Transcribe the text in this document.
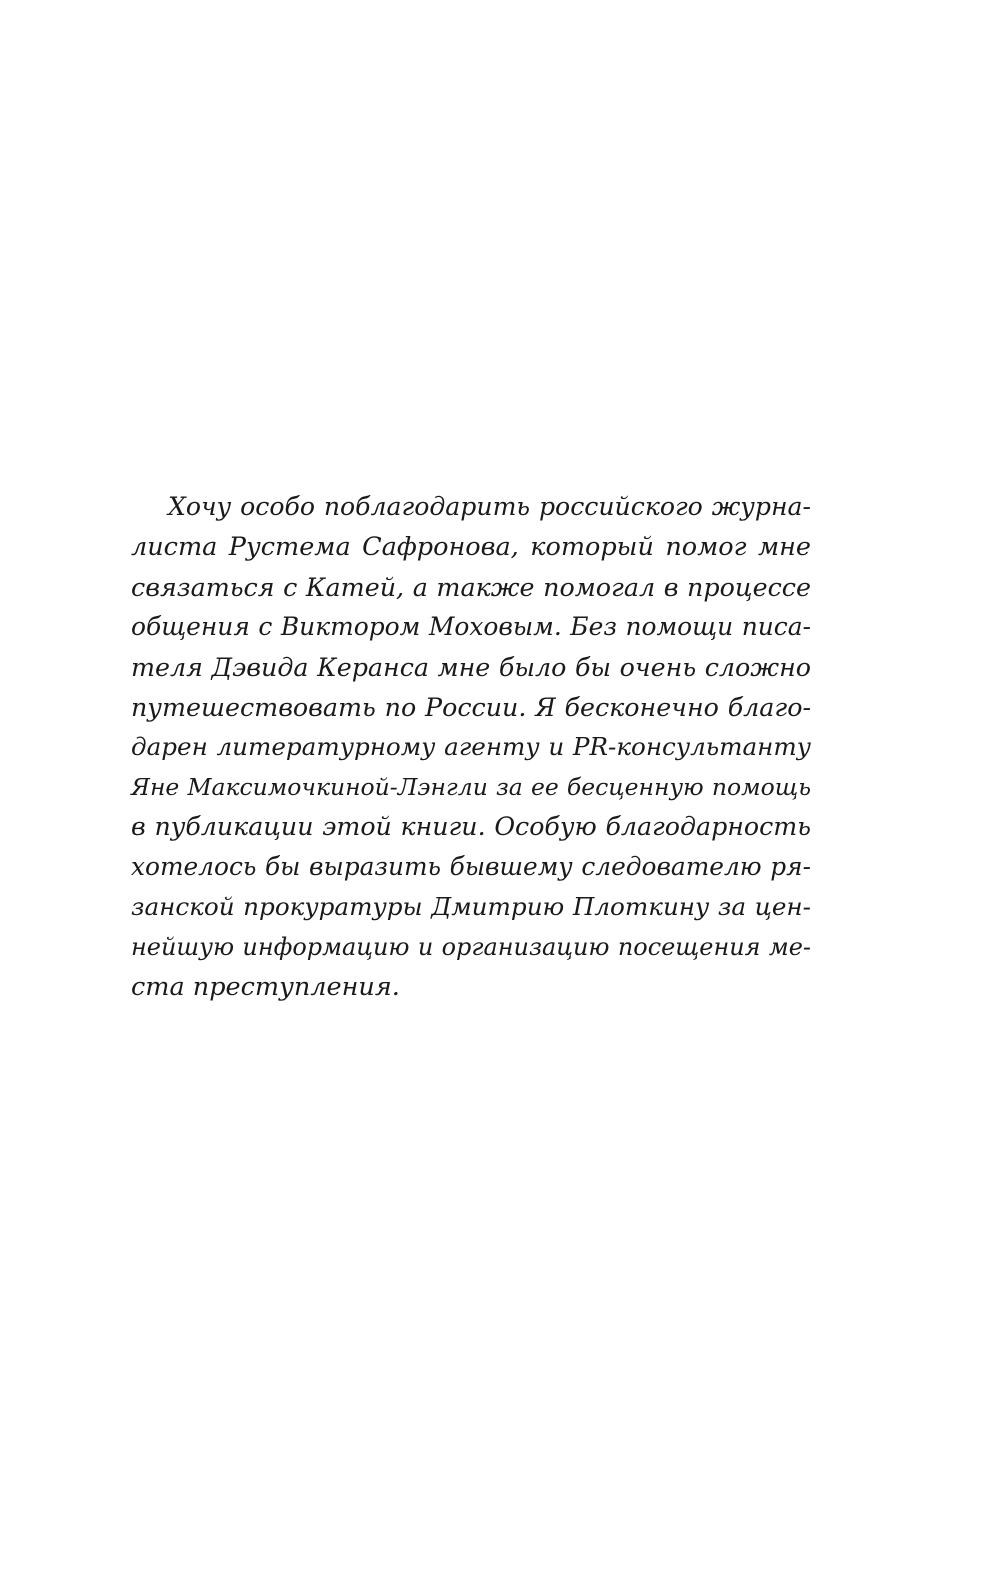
Хочу особо поблагодарить российского журна-
листа Рустема Сафронова, который помог мне
связаться с Катей, а также помогал в процессе
общения с Виктором Моховым. Без помощи писа-
теля Дэвида Керанса мне было бы очень сложно
путешествовать по России. Я бесконечно благо-
дарен литературному агенту и PR-консультанту
Яне Максимочкиной-Лэнгли за ее бесценную помощь
в публикации этой книги. Особую благодарность
хотелось бы выразить бывшему следователю ря-
занской прокуратуры Дмитрию Плоткину за цен-
нейшую информацию и организацию посещения ме-
ста преступления.
